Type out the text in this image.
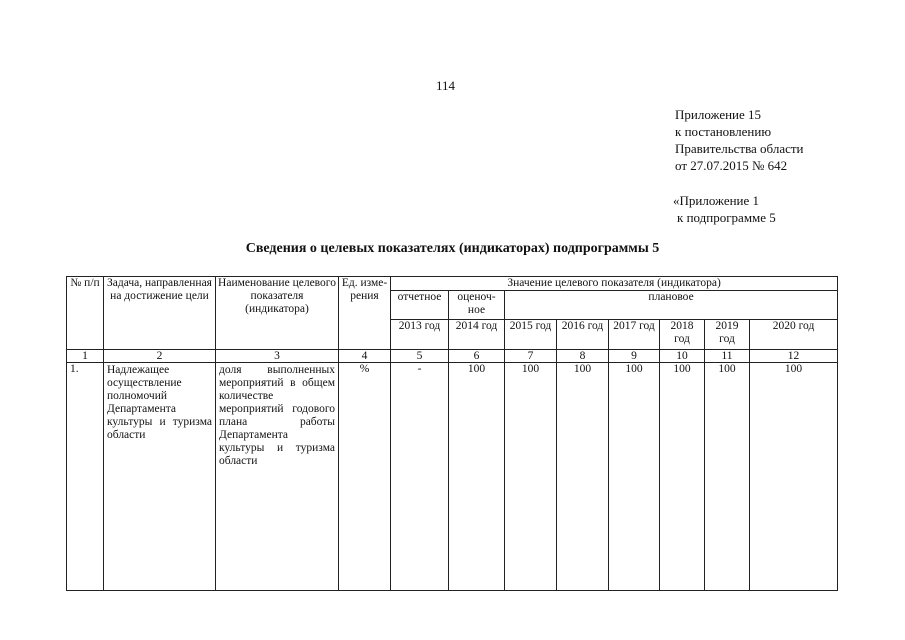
114
Приложение 15
к постановлению
Правительства области
от 27.07.2015 № 642
«Приложение 1
к подпрограмме 5
Сведения о целевых показателях (индикаторах) подпрограммы 5
№ п/п	Задача, направленная на достижение цели	Наименование целевого показателя (индикатора)	Ед. изме- рения	Значение целевого показателя (индикатора)							
				отчетное	оценоч- ное	плановое					
				2013 год	2014 год	2015 год	2016 год	2017 год	2018 год	2019 год	2020 год
1	2	3	4	5	6	7	8	9	10	11	12
1.	Надлежащее осуществление полномочий Департамента культуры и туризма области	доля выполненных мероприятий в общем количестве мероприятий годового плана работы Департамента культуры и туризма области	%	-	100	100	100	100	100	100	100
